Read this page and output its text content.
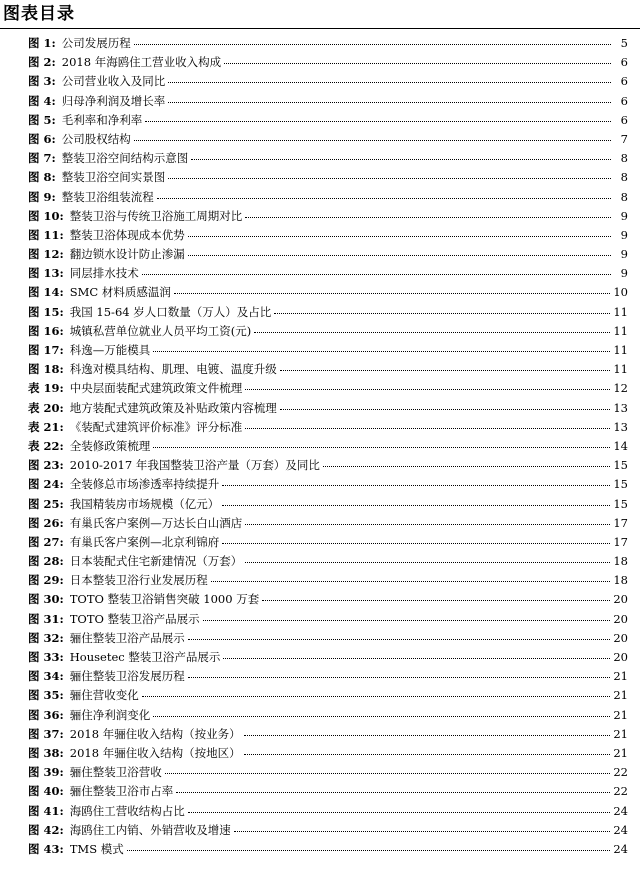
图表目录
图 1: 公司发展历程	5
图 2: 2018 年海鸥住工营业收入构成	6
图 3: 公司营业收入及同比	6
图 4: 归母净利润及增长率	6
图 5: 毛利率和净利率	6
图 6: 公司股权结构	7
图 7: 整装卫浴空间结构示意图	8
图 8: 整装卫浴空间实景图	8
图 9: 整装卫浴组装流程	8
图 10: 整装卫浴与传统卫浴施工周期对比	9
图 11: 整装卫浴体现成本优势	9
图 12: 翻边锁水设计防止渗漏	9
图 13: 同层排水技术	9
图 14: SMC 材料质感温润	10
图 15: 我国 15-64 岁人口数量（万人）及占比	11
图 16: 城镇私营单位就业人员平均工资(元)	11
图 17: 科逸—万能模具	11
图 18: 科逸对模具结构、肌理、电镀、温度升级	11
表 19: 中央层面装配式建筑政策文件梳理	12
表 20: 地方装配式建筑政策及补贴政策内容梳理	13
表 21: 《装配式建筑评价标准》评分标准	13
表 22: 全装修政策梳理	14
图 23: 2010-2017 年我国整装卫浴产量（万套）及同比	15
图 24: 全装修总市场渗透率持续提升	15
图 25: 我国精装房市场规模（亿元）	15
图 26: 有巢氏客户案例—万达长白山酒店	17
图 27: 有巢氏客户案例—北京利锦府	17
图 28: 日本装配式住宅新建情况（万套）	18
图 29: 日本整装卫浴行业发展历程	18
图 30: TOTO 整装卫浴销售突破 1000 万套	20
图 31: TOTO 整装卫浴产品展示	20
图 32: 骊住整装卫浴产品展示	20
图 33: Housetec 整装卫浴产品展示	20
图 34: 骊住整装卫浴发展历程	21
图 35: 骊住营收变化	21
图 36: 骊住净利润变化	21
图 37: 2018 年骊住收入结构（按业务）	21
图 38: 2018 年骊住收入结构（按地区）	21
图 39: 骊住整装卫浴营收	22
图 40: 骊住整装卫浴市占率	22
图 41: 海鸥住工营收结构占比	24
图 42: 海鸥住工内销、外销营收及增速	24
图 43: TMS 模式	24
